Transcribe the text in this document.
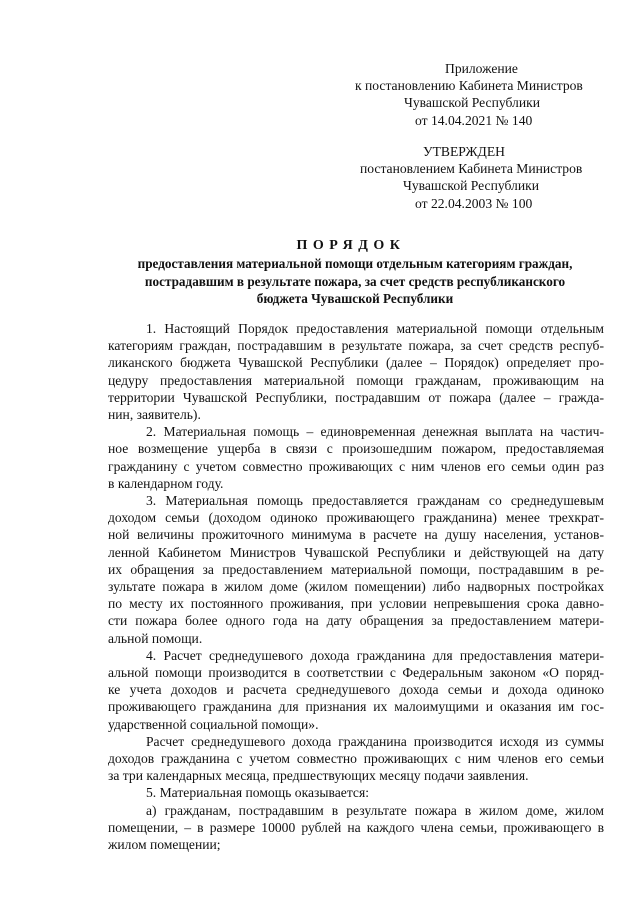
Приложение
к постановлению Кабинета Министров
Чувашской Республики
от 14.04.2021 № 140
УТВЕРЖДЕН
постановлением Кабинета Министров
Чувашской Республики
от 22.04.2003 № 100
ПОРЯДОК
предоставления материальной помощи отдельным категориям граждан,
пострадавшим в результате пожара, за счет средств республиканского
бюджета Чувашской Республики
1. Настоящий Порядок предоставления материальной помощи отдельным
категориям граждан, пострадавшим в результате пожара, за счет средств респуб-
ликанского бюджета Чувашской Республики (далее – Порядок) определяет про-
цедуру предоставления материальной помощи гражданам, проживающим на
территории Чувашской Республики, пострадавшим от пожара (далее – гражда-
нин, заявитель).
2. Материальная помощь – единовременная денежная выплата на частич-
ное возмещение ущерба в связи с произошедшим пожаром, предоставляемая
гражданину с учетом совместно проживающих с ним членов его семьи один раз
в календарном году.
3. Материальная помощь предоставляется гражданам со среднедушевым
доходом семьи (доходом одиноко проживающего гражданина) менее трехкрат-
ной величины прожиточного минимума в расчете на душу населения, установ-
ленной Кабинетом Министров Чувашской Республики и действующей на дату
их обращения за предоставлением материальной помощи, пострадавшим в ре-
зультате пожара в жилом доме (жилом помещении) либо надворных постройках
по месту их постоянного проживания, при условии непревышения срока давно-
сти пожара более одного года на дату обращения за предоставлением матери-
альной помощи.
4. Расчет среднедушевого дохода гражданина для предоставления матери-
альной помощи производится в соответствии с Федеральным законом «О поряд-
ке учета доходов и расчета среднедушевого дохода семьи и дохода одиноко
проживающего гражданина для признания их малоимущими и оказания им гос-
ударственной социальной помощи».
Расчет среднедушевого дохода гражданина производится исходя из суммы
доходов гражданина с учетом совместно проживающих с ним членов его семьи
за три календарных месяца, предшествующих месяцу подачи заявления.
5. Материальная помощь оказывается:
а) гражданам, пострадавшим в результате пожара в жилом доме, жилом
помещении, – в размере 10000 рублей на каждого члена семьи, проживающего в
жилом помещении;
